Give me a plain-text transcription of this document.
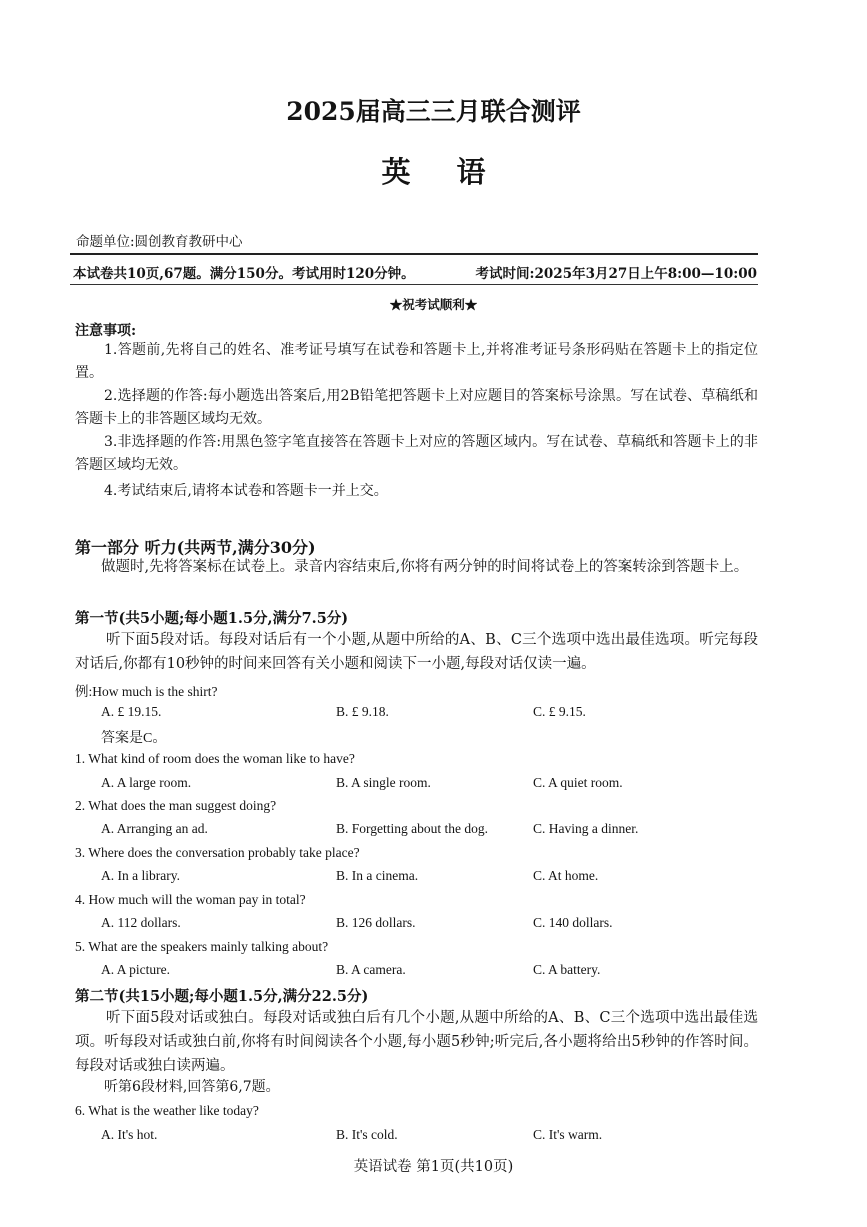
2025届高三三月联合测评
英语
命题单位:圆创教育教研中心
本试卷共10页,67题。满分150分。考试用时120分钟。	考试时间:2025年3月27日上午8:00—10:00
★祝考试顺利★
注意事项:
1.答题前,先将自己的姓名、准考证号填写在试卷和答题卡上,并将准考证号条形码贴在答题卡上的指定位置。
2.选择题的作答:每小题选出答案后,用2B铅笔把答题卡上对应题目的答案标号涂黑。写在试卷、草稿纸和答题卡上的非答题区域均无效。
3.非选择题的作答:用黑色签字笔直接答在答题卡上对应的答题区域内。写在试卷、草稿纸和答题卡上的非答题区域均无效。
4.考试结束后,请将本试卷和答题卡一并上交。
第一部分 听力(共两节,满分30分)
做题时,先将答案标在试卷上。录音内容结束后,你将有两分钟的时间将试卷上的答案转涂到答题卡上。
第一节(共5小题;每小题1.5分,满分7.5分)
听下面5段对话。每段对话后有一个小题,从题中所给的A、B、C三个选项中选出最佳选项。听完每段对话后,你都有10秒钟的时间来回答有关小题和阅读下一小题,每段对话仅读一遍。
例:How much is the shirt?
A. £ 19.15.	B. £ 9.18.	C. £ 9.15.
答案是C。
1. What kind of room does the woman like to have?
A. A large room.	B. A single room.	C. A quiet room.
2. What does the man suggest doing?
A. Arranging an ad.	B. Forgetting about the dog.	C. Having a dinner.
3. Where does the conversation probably take place?
A. In a library.	B. In a cinema.	C. At home.
4. How much will the woman pay in total?
A. 112 dollars.	B. 126 dollars.	C. 140 dollars.
5. What are the speakers mainly talking about?
A. A picture.	B. A camera.	C. A battery.
第二节(共15小题;每小题1.5分,满分22.5分)
听下面5段对话或独白。每段对话或独白后有几个小题,从题中所给的A、B、C三个选项中选出最佳选项。听每段对话或独白前,你将有时间阅读各个小题,每小题5秒钟;听完后,各小题将给出5秒钟的作答时间。每段对话或独白读两遍。
听第6段材料,回答第6,7题。
6. What is the weather like today?
A. It's hot.	B. It's cold.	C. It's warm.
英语试卷 第1页(共10页)
